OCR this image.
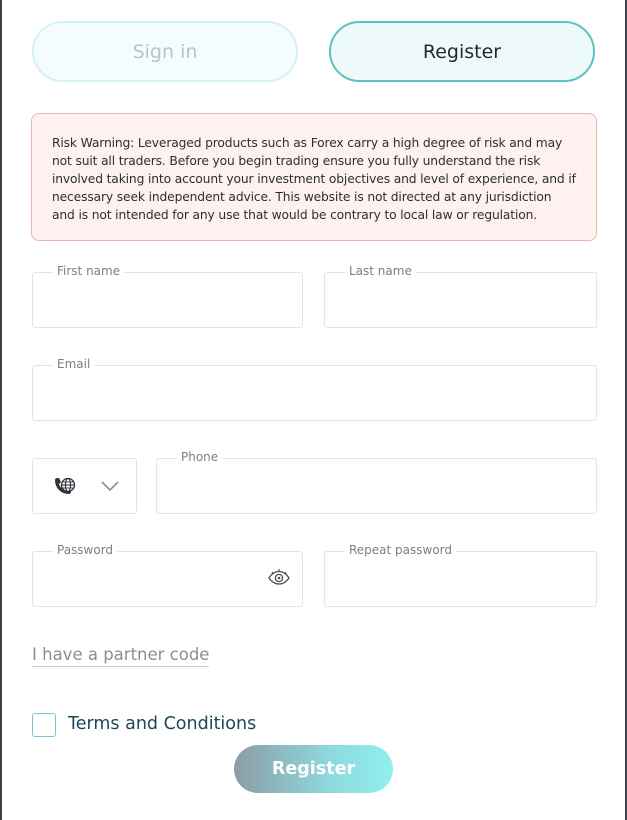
Sign in	Register

Risk Warning: Leveraged products such as Forex carry a high degree of risk and may not suit all traders. Before you begin trading ensure you fully understand the risk involved taking into account your investment objectives and level of experience, and if necessary seek independent advice. This website is not directed at any jurisdiction and is not intended for any use that would be contrary to local law or regulation.

First name	Last name
Email
Phone
Password	Repeat password
I have a partner code
Terms and Conditions
Register
